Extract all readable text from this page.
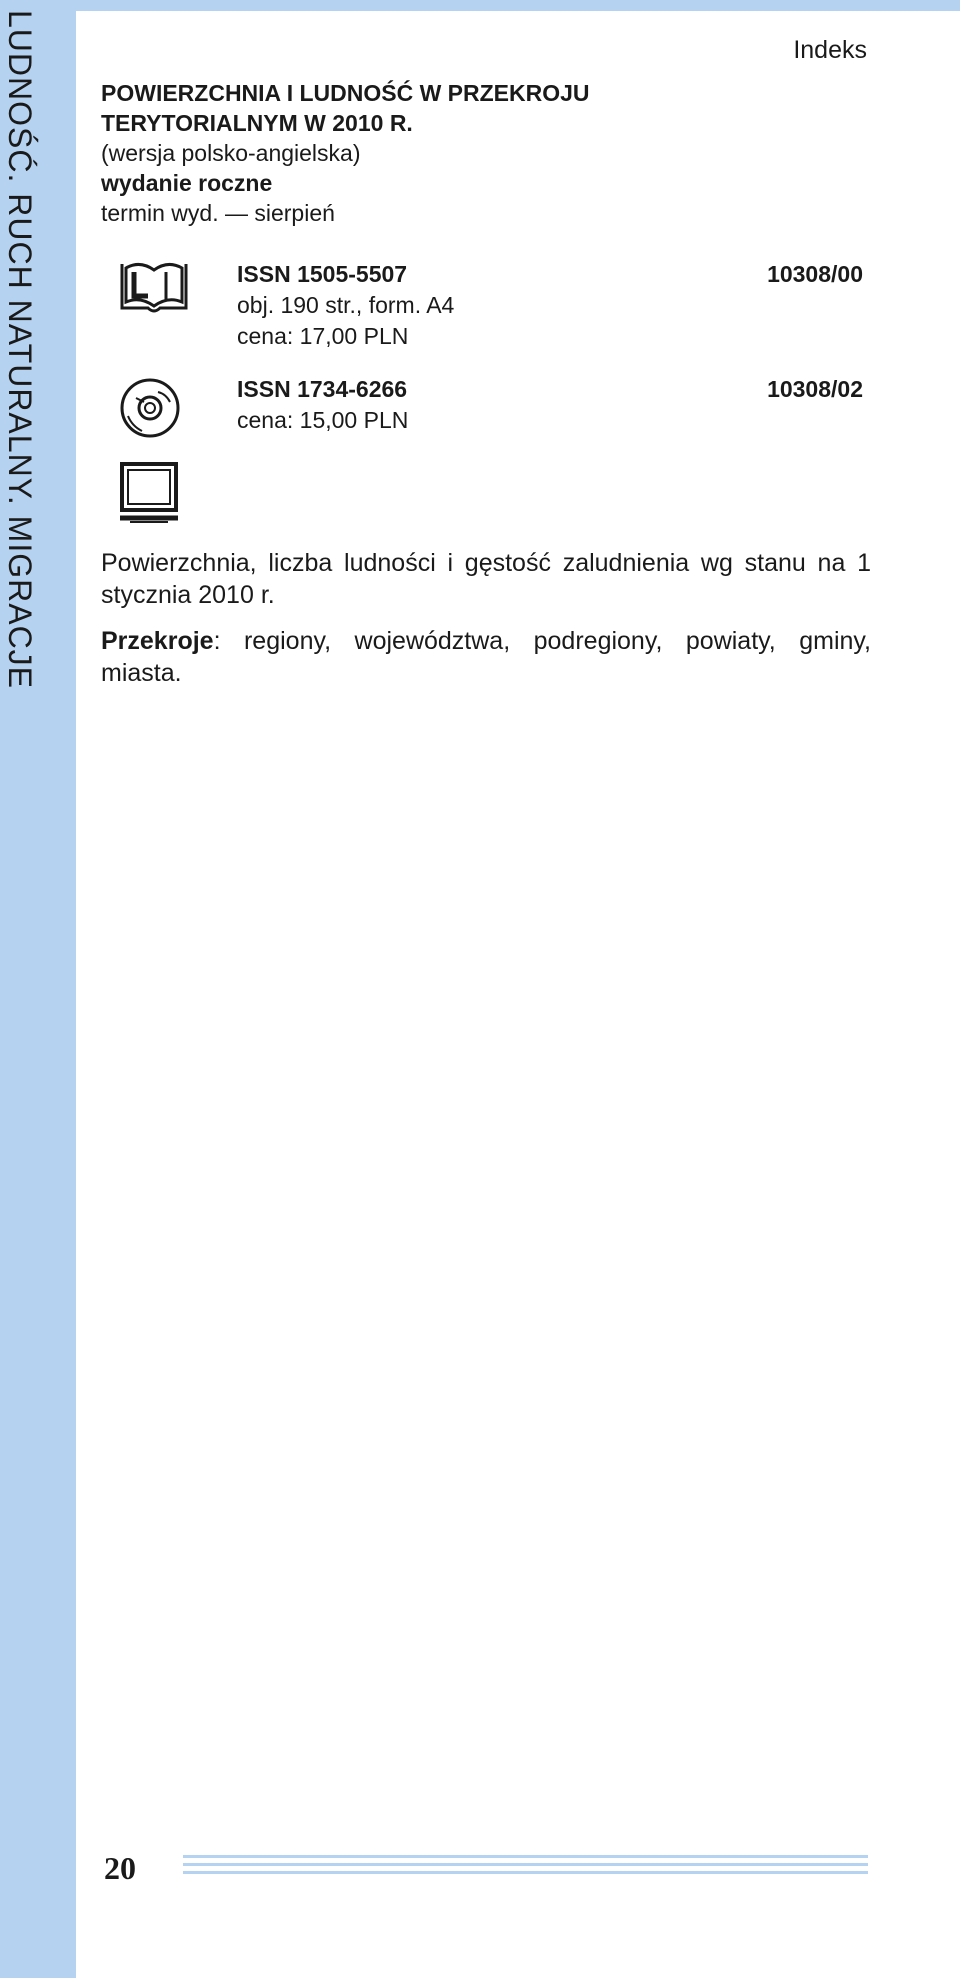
LUDNOŚĆ. RUCH NATURALNY. MIGRACJE	Indeks

POWIERZCHNIA I LUDNOŚĆ W PRZEKROJU

TERYTORIALNYM W 2010 R.

(wersja polsko-angielska)

wydanie roczne

termin wyd. — sierpień

ISSN 1505-5507	10308/00
obj. 190 str., form. A4
cena: 17,00 PLN
ISSN 1734-6266	10308/02
cena: 15,00 PLN

Powierzchnia, liczba ludności i gęstość zaludnienia wg stanu na 1 stycznia 2010 r.

Przekroje: regiony, województwa, podregiony, powiaty, gminy, miasta.

20
